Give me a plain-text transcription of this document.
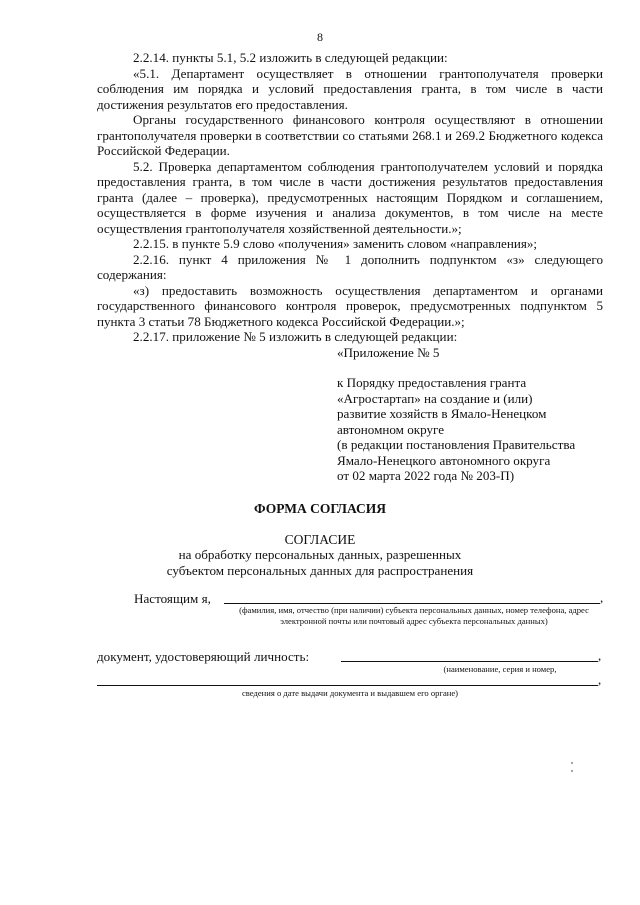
8

2.2.14. пункты 5.1, 5.2 изложить в следующей редакции:

«5.1. Департамент осуществляет в отношении грантополучателя проверки соблюдения им порядка и условий предоставления гранта, в том числе в части достижения результатов его предоставления.

Органы государственного финансового контроля осуществляют в отношении грантополучателя проверки в соответствии со статьями 268.1 и 269.2 Бюджетного кодекса Российской Федерации.

5.2. Проверка департаментом соблюдения грантополучателем условий и порядка предоставления гранта, в том числе в части достижения результатов предоставления гранта (далее – проверка), предусмотренных настоящим Порядком и соглашением, осуществляется в форме изучения и анализа документов, в том числе на месте осуществления грантополучателя хозяйственной деятельности.»;

2.2.15. в пункте 5.9 слово «получения» заменить словом «направления»;

2.2.16. пункт 4 приложения № 1 дополнить подпунктом «з» следующего содержания:

«з) предоставить возможность осуществления департаментом и органами государственного финансового контроля проверок, предусмотренных подпунктом 5 пункта 3 статьи 78 Бюджетного кодекса Российской Федерации.»;

2.2.17. приложение № 5 изложить в следующей редакции:

«Приложение № 5
к Порядку предоставления гранта
«Агростартап» на создание и (или)
развитие хозяйств в Ямало-Ненецком
автономном округе
(в редакции постановления Правительства
Ямало-Ненецкого автономного округа
от 02 марта 2022 года № 203-П)
ФОРМА СОГЛАСИЯ
СОГЛАСИЕ
на обработку персональных данных, разрешенных субъектом персональных данных для распространения
Настоящим я,	,
(фамилия, имя, отчество (при наличии) субъекта персональных данных, номер телефона, адрес электронной почты или почтовый адрес субъекта персональных данных)
документ, удостоверяющий личность:	,
(наименование, серия и номер,
,
сведения о дате выдачи документа и выдавшем его органе)
